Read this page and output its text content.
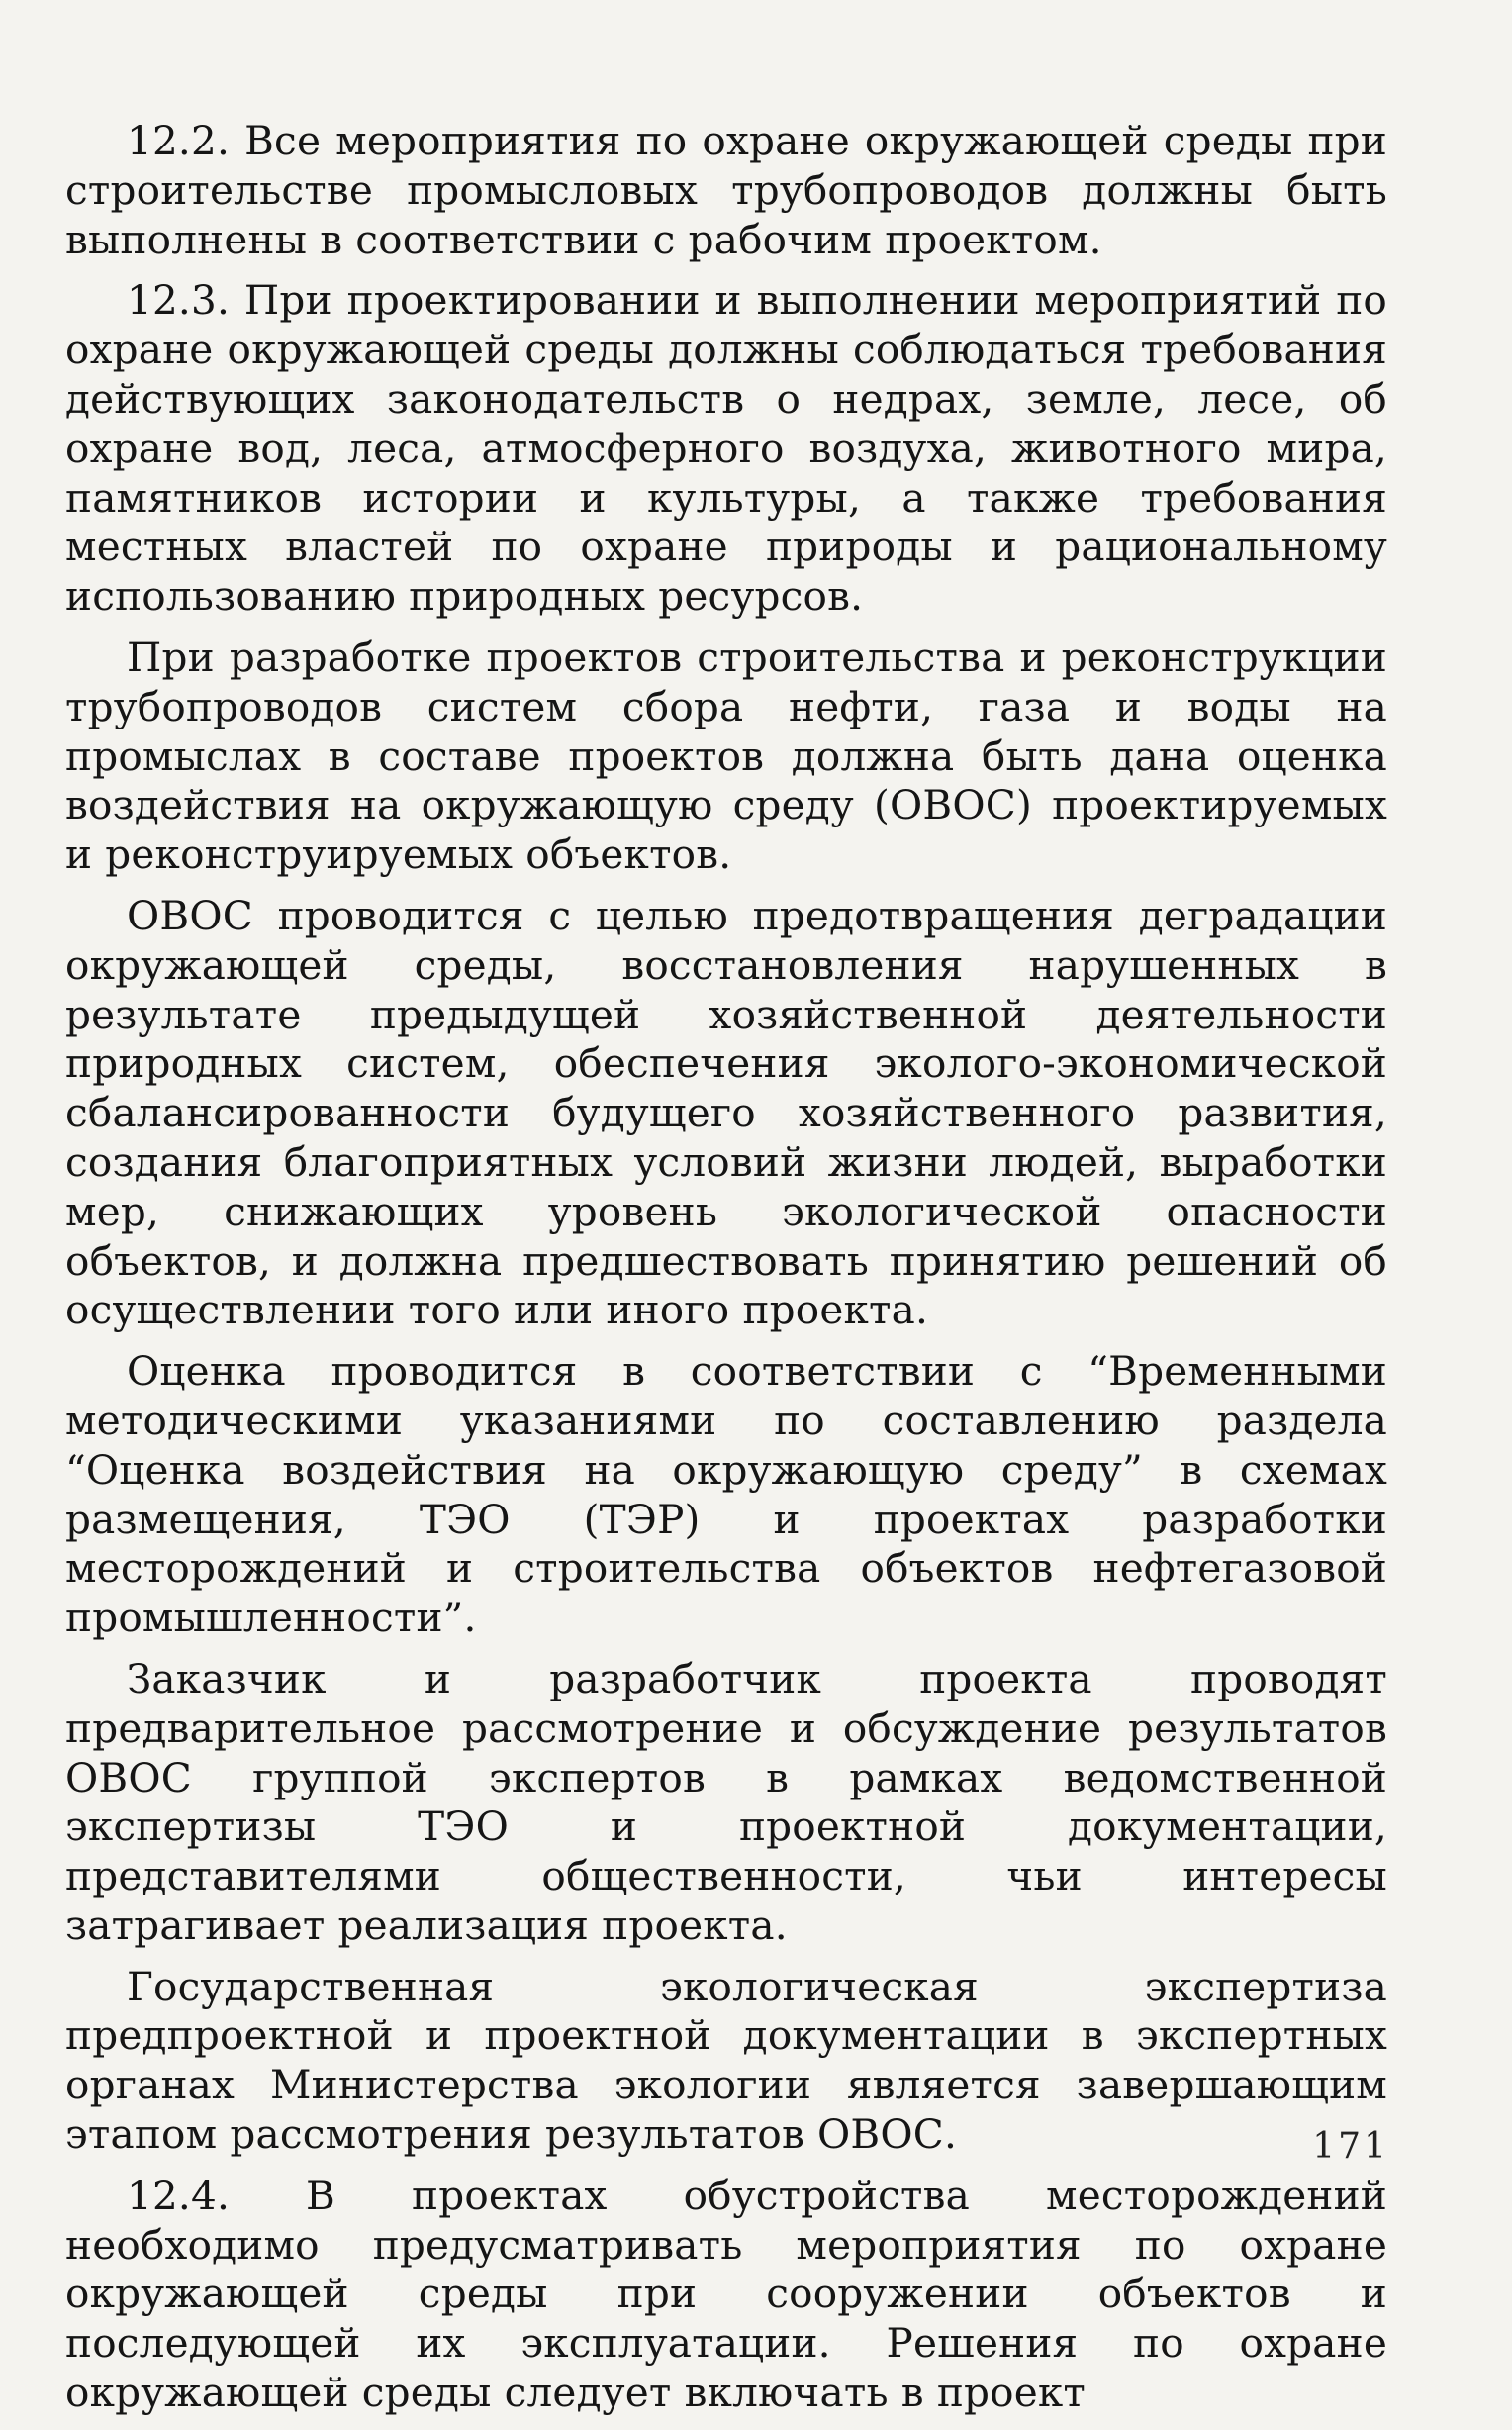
12.2. Все мероприятия по охране окружающей среды при строительстве промысловых трубопроводов должны быть выполнены в соответствии с рабочим проектом.

12.3. При проектировании и выполнении мероприятий по охране окружающей среды должны соблюдаться требования действующих законодательств о недрах, земле, лесе, об охране вод, леса, атмосферного воздуха, животного мира, памятников истории и культуры, а также требования местных властей по охране природы и рациональному использованию природных ресурсов.

При разработке проектов строительства и реконструкции трубопроводов систем сбора нефти, газа и воды на промыслах в составе проектов должна быть дана оценка воздействия на окружающую среду (ОВОС) проектируемых и реконструируемых объектов.

ОВОС проводится с целью предотвращения деградации окружающей среды, восстановления нарушенных в результате предыдущей хозяйственной деятельности природных систем, обеспечения эколого-экономической сбалансированности будущего хозяйственного развития, создания благоприятных условий жизни людей, выработки мер, снижающих уровень экологической опасности объектов, и должна предшествовать принятию решений об осуществлении того или иного проекта.

Оценка проводится в соответствии с “Временными методическими указаниями по составлению раздела “Оценка воздействия на окружающую среду” в схемах размещения, ТЭО (ТЭР) и проектах разработки месторождений и строительства объектов нефтегазовой промышленности”.

Заказчик и разработчик проекта проводят предварительное рассмотрение и обсуждение результатов ОВОС группой экспертов в рамках ведомственной экспертизы ТЭО и проектной документации, представителями общественности, чьи интересы затрагивает реализация проекта.

Государственная экологическая экспертиза предпроектной и проектной документации в экспертных органах Министерства экологии является завершающим этапом рассмотрения результатов ОВОС.

12.4. В проектах обустройства месторождений необходимо предусматривать мероприятия по охране окружающей среды при сооружении объектов и последующей их эксплуатации. Решения по охране окружающей среды следует включать в проект

171
